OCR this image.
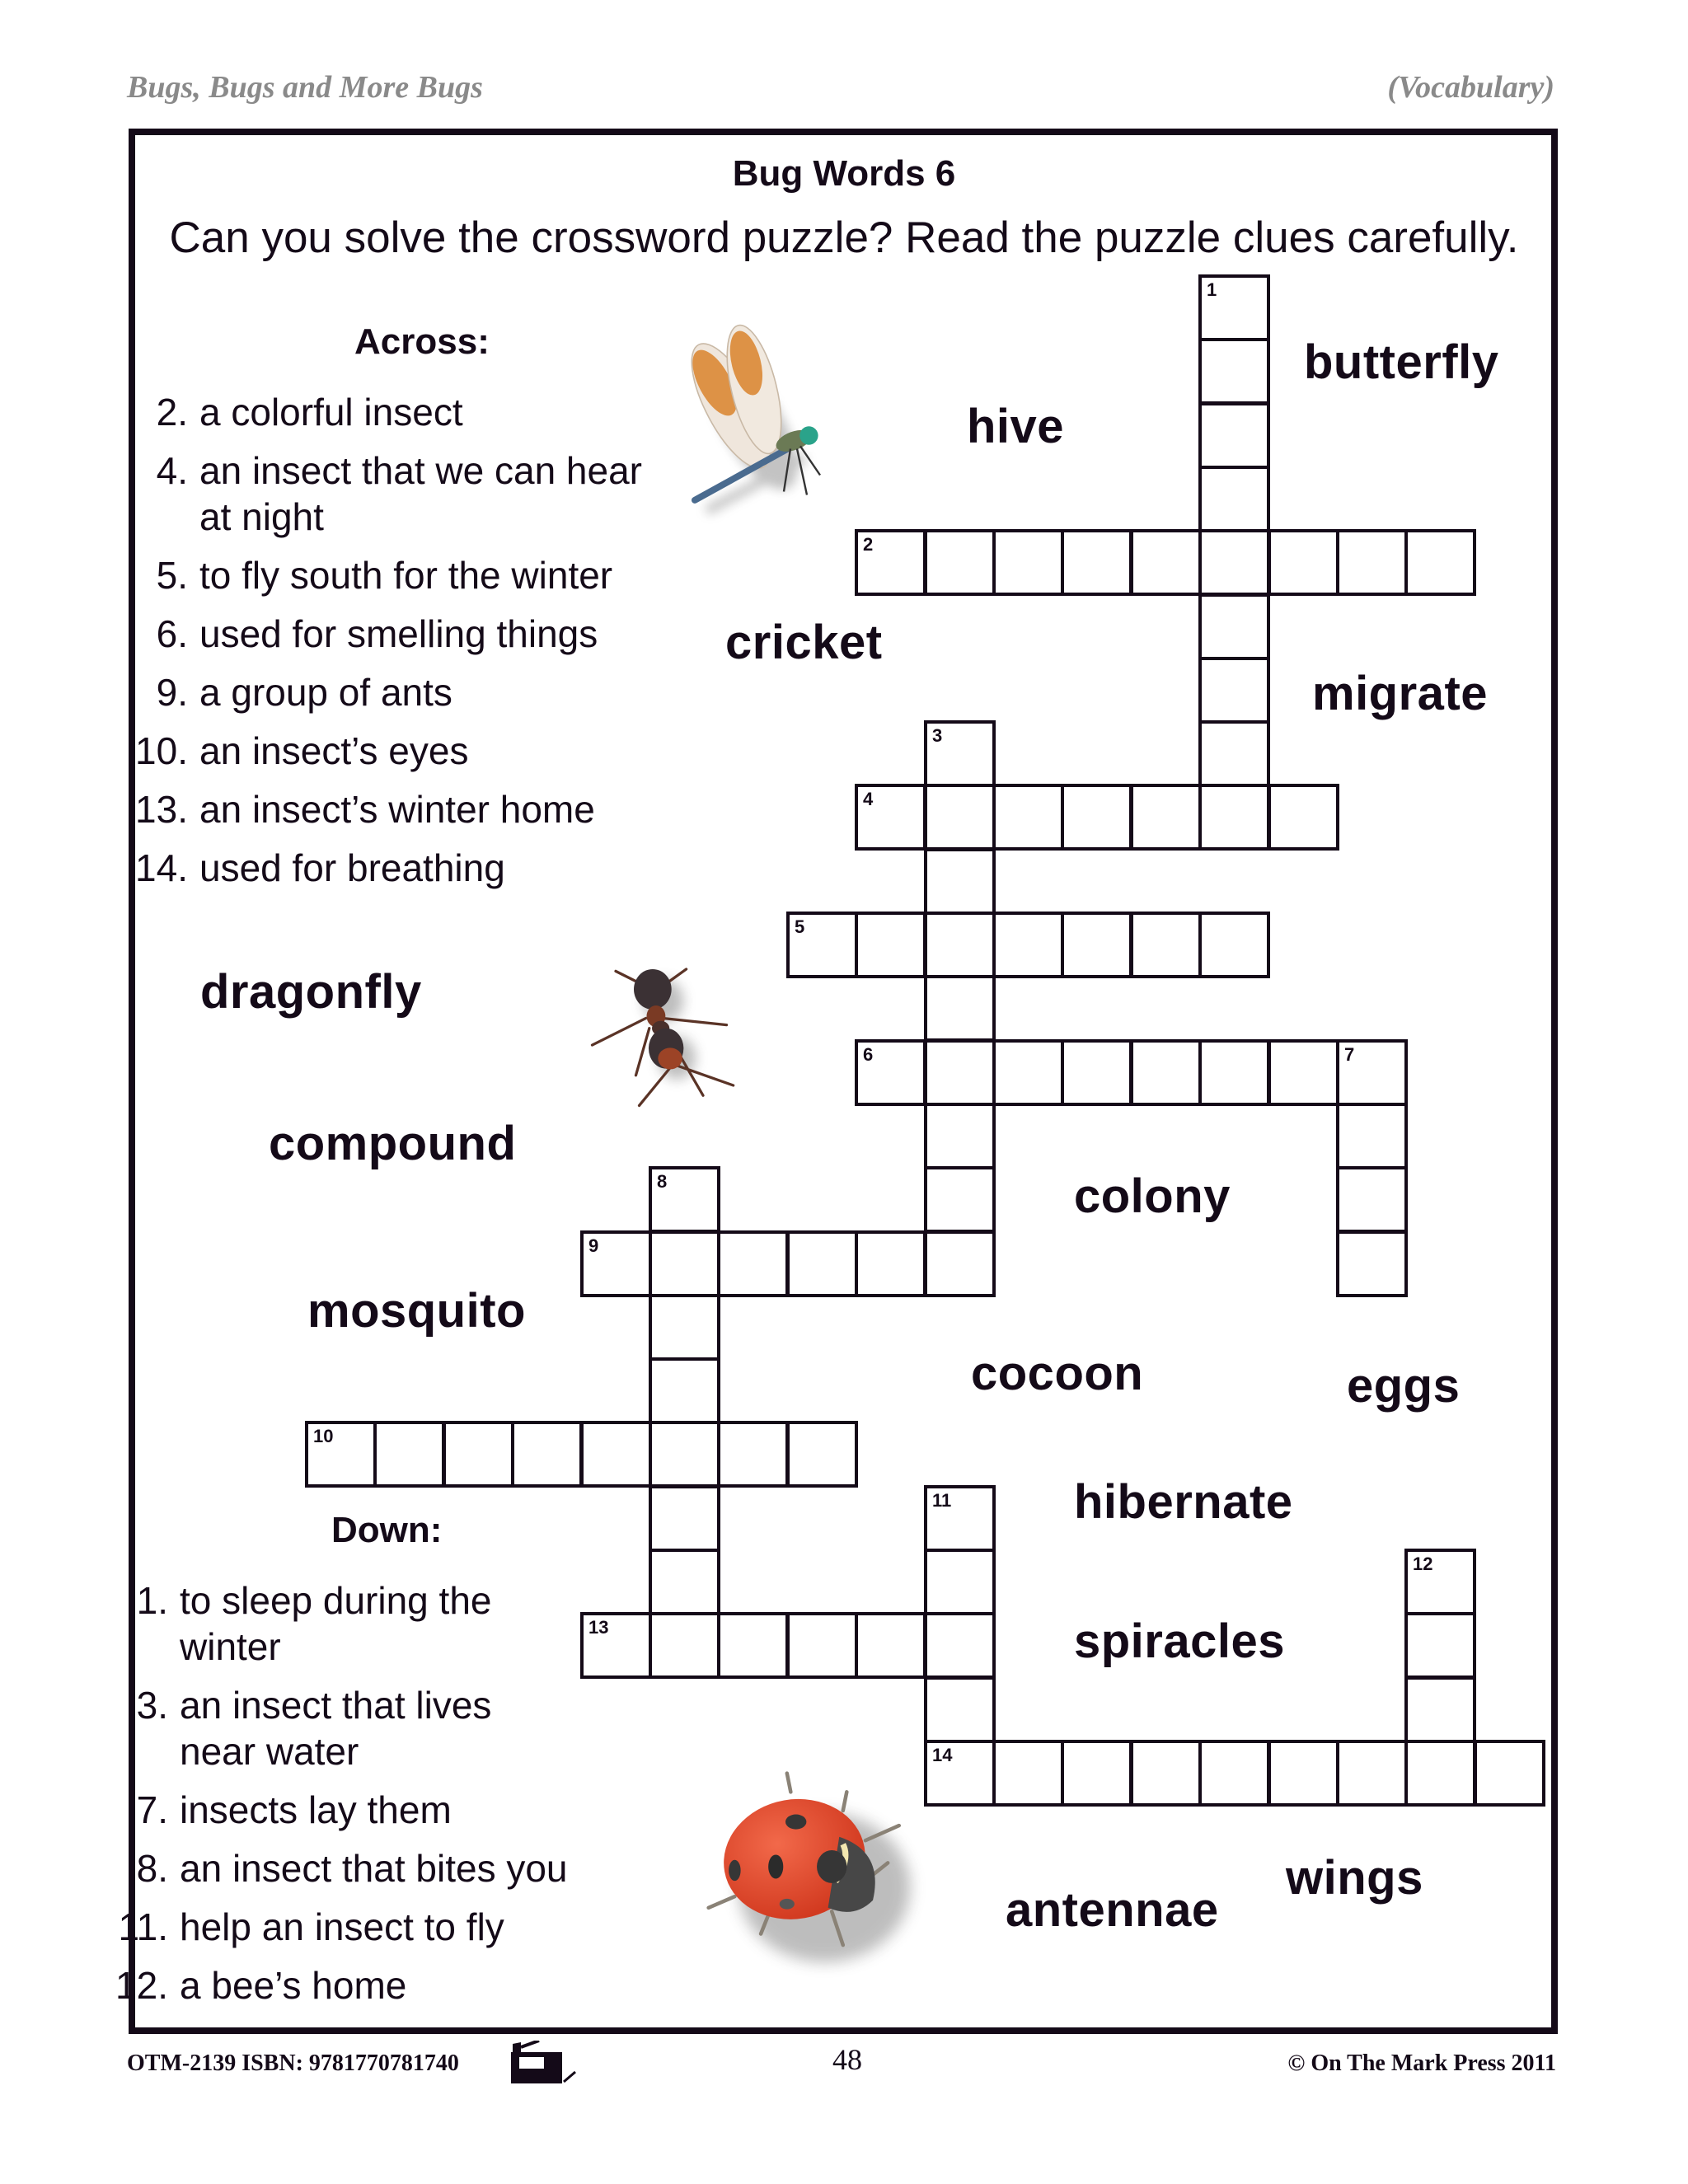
Bugs, Bugs and More Bugs	(Vocabulary)
Bug Words 6
Can you solve the crossword puzzle? Read the puzzle clues carefully.
Across:
2. a colorful insect
4. an insect that we can hear at night
5. to fly south for the winter
6. used for smelling things
9. a group of ants
10. an insect’s eyes
13. an insect’s winter home
14. used for breathing
Down:
1. to sleep during the winter
3. an insect that lives near water
7. insects lay them
8. an insect that bites you
11. help an insect to fly
12. a bee’s home
butterfly
hive
cricket
migrate
dragonfly
compound
colony
mosquito
cocoon	eggs
hibernate
spiracles
wings
antennae
1
2
3
4
5
6	7
8
9
10
11
14
12
13
OTM-2139 ISBN: 9781770781740	48	© On The Mark Press 2011
